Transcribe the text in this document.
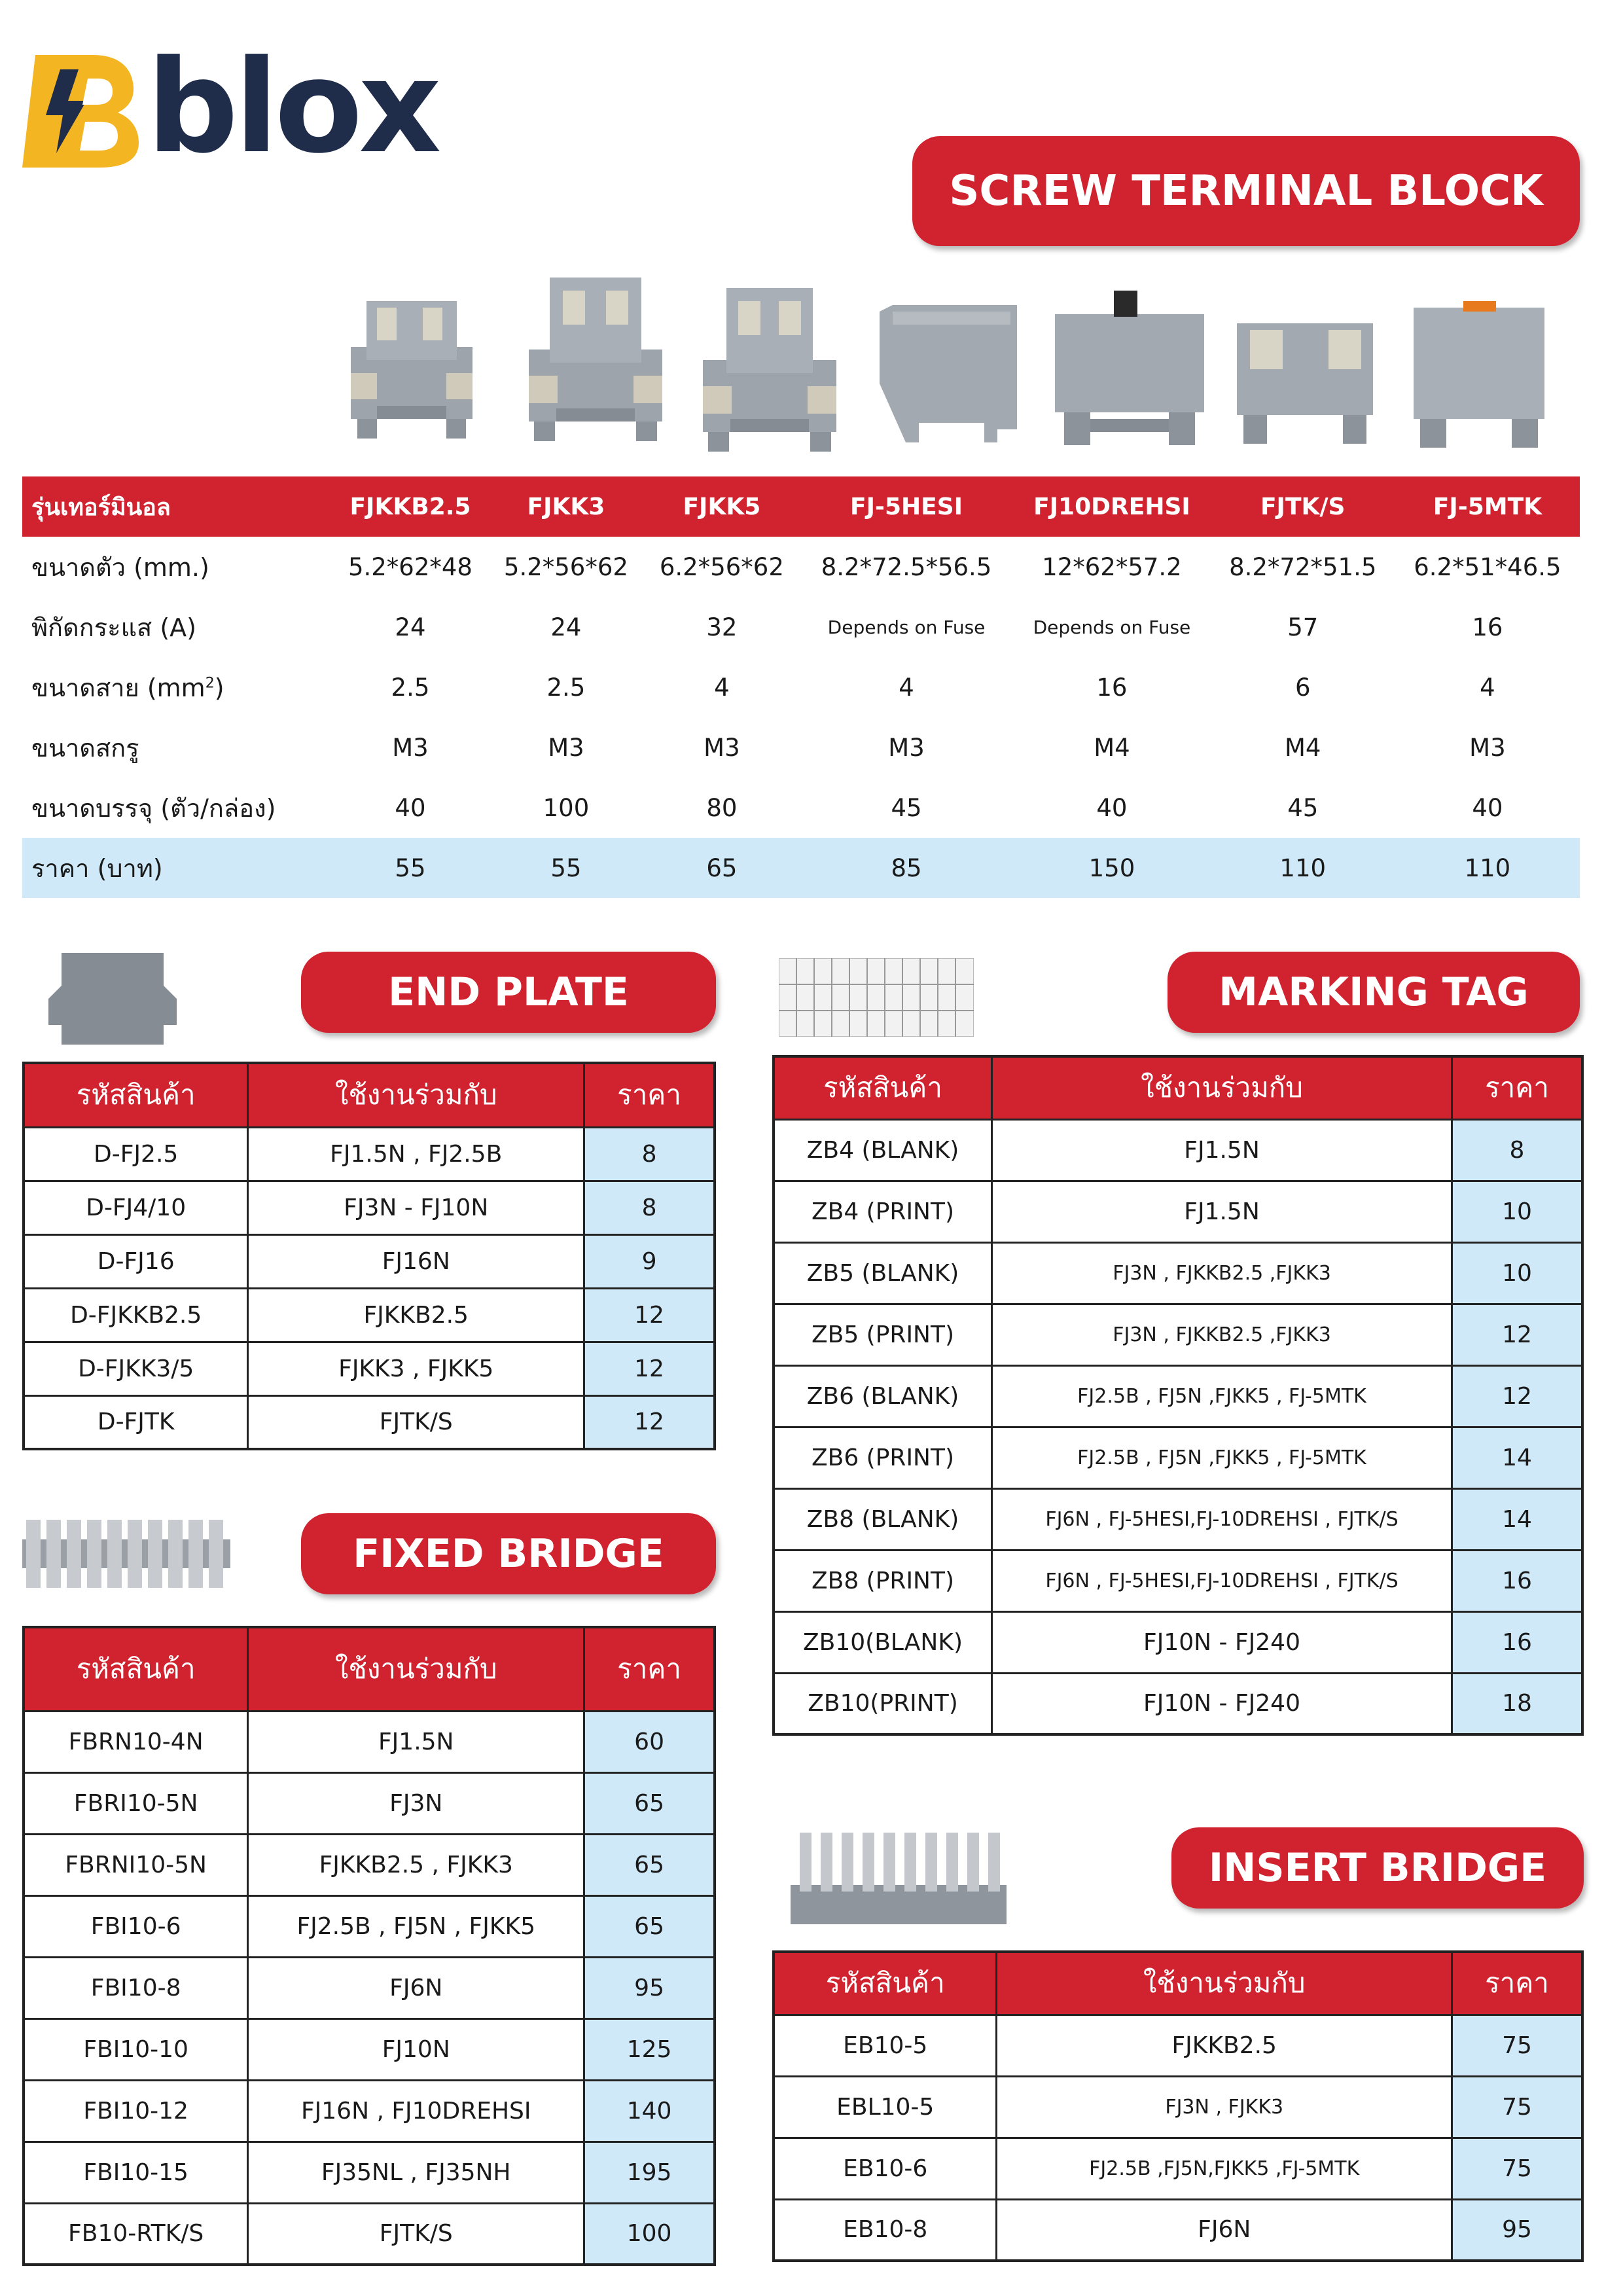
blox
SCREW TERMINAL BLOCK
รุ่นเทอร์มินอล	FJKKB2.5	FJKK3	FJKK5	FJ-5HESI	FJ10DREHSI	FJTK/S	FJ-5MTK
ขนาดตัว (mm.)	5.2*62*48	5.2*56*62	6.2*56*62	8.2*72.5*56.5	12*62*57.2	8.2*72*51.5	6.2*51*46.5
พิกัดกระแส (A)	24	24	32	Depends on Fuse	Depends on Fuse	57	16
ขนาดสาย $(mm^2)$	2.5	2.5	4	4	16	6	4
ขนาดสกรู	M3	M3	M3	M3	M4	M4	M3
ขนาดบรรจุ (ตัว/กล่อง)	40	100	80	45	40	45	40
ราคา (บาท)	55	55	65	85	150	110	110
END PLATE
รหัสสินค้า	ใช้งานร่วมกับ	ราคา
D-FJ2.5	FJ1.5N , FJ2.5B	8
D-FJ4/10	FJ3N - FJ10N	8
D-FJ16	FJ16N	9
D-FJKKB2.5	FJKKB2.5	12
D-FJKK3/5	FJKK3 , FJKK5	12
D-FJTK	FJTK/S	12
MARKING TAG
รหัสสินค้า	ใช้งานร่วมกับ	ราคา
ZB4 (BLANK)	FJ1.5N	8
ZB4 (PRINT)	FJ1.5N	10
ZB5 (BLANK)	FJ3N , FJKKB2.5 ,FJKK3	10
ZB5 (PRINT)	FJ3N , FJKKB2.5 ,FJKK3	12
ZB6 (BLANK)	FJ2.5B , FJ5N ,FJKK5 , FJ-5MTK	12
ZB6 (PRINT)	FJ2.5B , FJ5N ,FJKK5 , FJ-5MTK	14
ZB8 (BLANK)	FJ6N , FJ-5HESI,FJ-10DREHSI , FJTK/S	14
ZB8 (PRINT)	FJ6N , FJ-5HESI,FJ-10DREHSI , FJTK/S	16
ZB10(BLANK)	FJ10N - FJ240	16
ZB10(PRINT)	FJ10N - FJ240	18
FIXED BRIDGE
รหัสสินค้า	ใช้งานร่วมกับ	ราคา
FBRN10-4N	FJ1.5N	60
FBRI10-5N	FJ3N	65
FBRNI10-5N	FJKKB2.5 , FJKK3	65
FBI10-6	FJ2.5B , FJ5N , FJKK5	65
FBI10-8	FJ6N	95
FBI10-10	FJ10N	125
FBI10-12	FJ16N , FJ10DREHSI	140
FBI10-15	FJ35NL , FJ35NH	195
FB10-RTK/S	FJTK/S	100
INSERT BRIDGE
รหัสสินค้า	ใช้งานร่วมกับ	ราคา
EB10-5	FJKKB2.5	75
EBL10-5	FJ3N , FJKK3	75
EB10-6	FJ2.5B ,FJ5N,FJKK5 ,FJ-5MTK	75
EB10-8	FJ6N	95
